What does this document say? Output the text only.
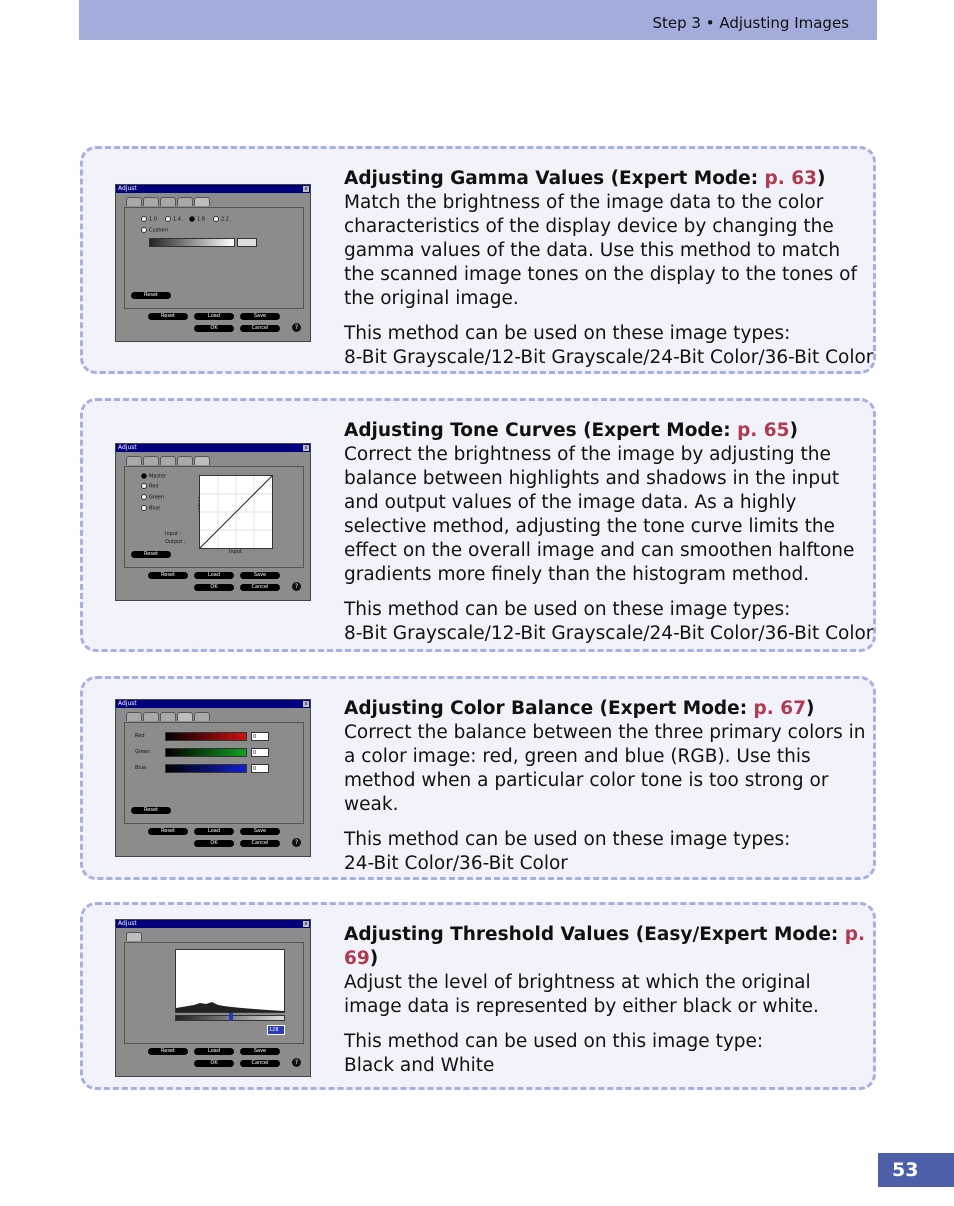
Step 3 • Adjusting Images
Adjust	x
1.0	1.4	1.8	2.2
Custom
Reset
Reset	Load	Save
OK	Cancel	?

Adjusting Gamma Values (Expert Mode: p. 63)
Match the brightness of the image data to the color characteristics of the display device by changing the gamma values of the data. Use this method to match the scanned image tones on the display to the tones of the original image.

This method can be used on these image types:
8-Bit Grayscale/12-Bit Grayscale/24-Bit Color/36-Bit Color

Adjust	x
Master
Red
Green
Blue
Input :
Output :
Output
Input
Reset
Reset	Load	Save
OK	Cancel	?

Adjusting Tone Curves (Expert Mode: p. 65)
Correct the brightness of the image by adjusting the balance between highlights and shadows in the input and output values of the image data. As a highly selective method, adjusting the tone curve limits the effect on the overall image and can smoothen halftone gradients more finely than the histogram method.

This method can be used on these image types:
8-Bit Grayscale/12-Bit Grayscale/24-Bit Color/36-Bit Color

Adjust	x
Red	0
Green	0
Blue	0
Reset
Reset	Load	Save
OK	Cancel	?

Adjusting Color Balance (Expert Mode: p. 67)
Correct the balance between the three primary colors in a color image: red, green and blue (RGB). Use this method when a particular color tone is too strong or weak.

This method can be used on these image types:
24-Bit Color/36-Bit Color

Adjust	x
128
Reset	Load	Save
OK	Cancel	?

Adjusting Threshold Values (Easy/Expert Mode: p. 69)
Adjust the level of brightness at which the original image data is represented by either black or white.

This method can be used on this image type:
Black and White

53
